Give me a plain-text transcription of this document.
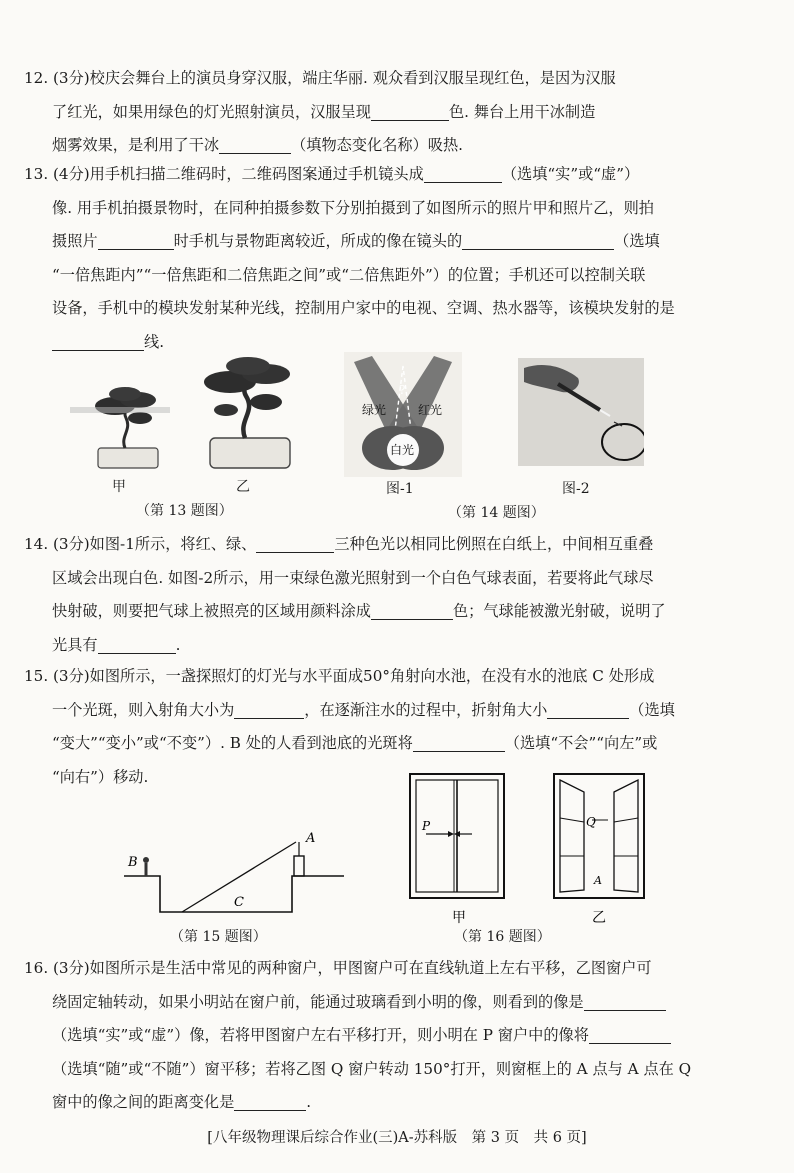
12. (3分)校庆会舞台上的演员身穿汉服，端庄华丽. 观众看到汉服呈现红色，是因为汉服

了红光，如果用绿色的灯光照射演员，汉服呈现	色. 舞台上用干冰制造

烟雾效果，是利用了干冰	（填物态变化名称）吸热.

13. (4分)用手机扫描二维码时，二维码图案通过手机镜头成	（选填“实”或“虚”）

像. 用手机拍摄景物时，在同种拍摄参数下分别拍摄到了如图所示的照片甲和照片乙，则拍

摄照片	时手机与景物距离较近，所成的像在镜头的	（选填

“一倍焦距内”“一倍焦距和二倍焦距之间”或“二倍焦距外”）的位置；手机还可以控制关联

设备，手机中的模块发射某种光线，控制用户家中的电视、空调、热水器等，该模块发射的是

线.

甲	乙
（第 13 题图）
绿光	红光
?
白光
图-1	图-2
（第 14 题图）

14. (3分)如图-1所示，将红、绿、	三种色光以相同比例照在白纸上，中间相互重叠

区域会出现白色. 如图-2所示，用一束绿色激光照射到一个白色气球表面，若要将此气球尽

快射破，则要把气球上被照亮的区域用颜料涂成	色；气球能被激光射破，说明了

光具有	.

15. (3分)如图所示，一盏探照灯的灯光与水平面成50°角射向水池，在没有水的池底 C 处形成

一个光斑，则入射角大小为	，在逐渐注水的过程中，折射角大小	（选填

“变大”“变小”或“不变”）. B 处的人看到池底的光斑将	（选填“不会”“向左”或

“向右”）移动.

A
B
C
（第 15 题图）
P	Q
A
甲	乙
（第 16 题图）

16. (3分)如图所示是生活中常见的两种窗户，甲图窗户可在直线轨道上左右平移，乙图窗户可

绕固定轴转动，如果小明站在窗户前，能通过玻璃看到小明的像，则看到的像是

（选填“实”或“虚”）像，若将甲图窗户左右平移打开，则小明在 P 窗户中的像将

（选填“随”或“不随”）窗平移；若将乙图 Q 窗户转动 150°打开，则窗框上的 A 点与 A 点在 Q

窗中的像之间的距离变化是	.

[八年级物理课后综合作业(三)A-苏科版　第 3 页　共 6 页]
